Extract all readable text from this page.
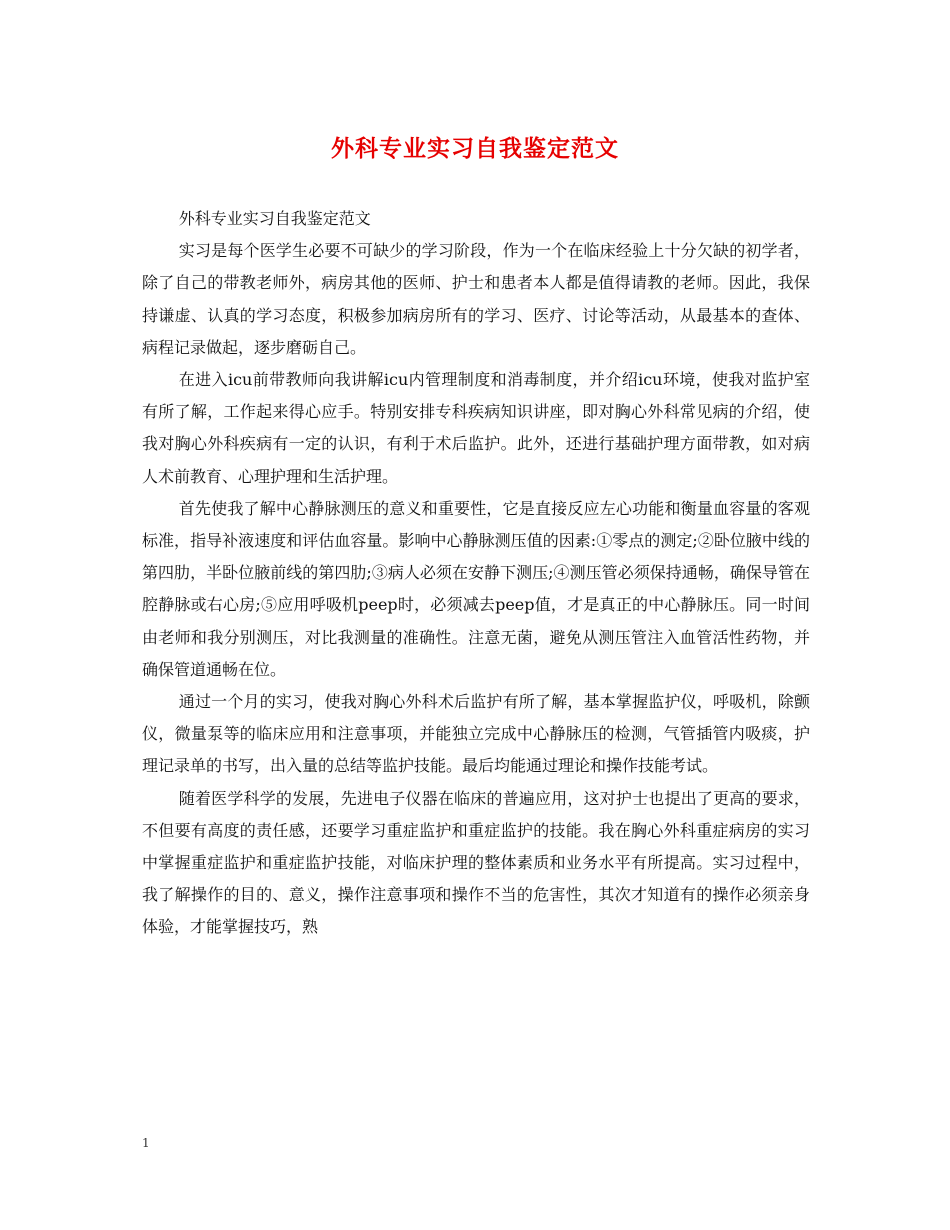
外科专业实习自我鉴定范文

外科专业实习自我鉴定范文

实习是每个医学生必要不可缺少的学习阶段，作为一个在临床经验上十分欠缺的初学者，除了自己的带教老师外，病房其他的医师、护士和患者本人都是值得请教的老师。因此，我保持谦虚、认真的学习态度，积极参加病房所有的学习、医疗、讨论等活动，从最基本的查体、病程记录做起，逐步磨砺自己。

在进入icu前带教师向我讲解icu内管理制度和消毒制度，并介绍icu环境，使我对监护室有所了解，工作起来得心应手。特别安排专科疾病知识讲座，即对胸心外科常见病的介绍，使我对胸心外科疾病有一定的认识，有利于术后监护。此外，还进行基础护理方面带教，如对病人术前教育、心理护理和生活护理。

首先使我了解中心静脉测压的意义和重要性，它是直接反应左心功能和衡量血容量的客观标准，指导补液速度和评估血容量。影响中心静脉测压值的因素:①零点的测定;②卧位腋中线的第四肋，半卧位腋前线的第四肋;③病人必须在安静下测压;④测压管必须保持通畅，确保导管在腔静脉或右心房;⑤应用呼吸机peep时，必须减去peep值，才是真正的中心静脉压。同一时间由老师和我分别测压，对比我测量的准确性。注意无菌，避免从测压管注入血管活性药物，并确保管道通畅在位。

通过一个月的实习，使我对胸心外科术后监护有所了解，基本掌握监护仪，呼吸机，除颤仪，微量泵等的临床应用和注意事项，并能独立完成中心静脉压的检测，气管插管内吸痰，护理记录单的书写，出入量的总结等监护技能。最后均能通过理论和操作技能考试。

随着医学科学的发展，先进电子仪器在临床的普遍应用，这对护士也提出了更高的要求，不但要有高度的责任感，还要学习重症监护和重症监护的技能。我在胸心外科重症病房的实习中掌握重症监护和重症监护技能，对临床护理的整体素质和业务水平有所提高。实习过程中，我了解操作的目的、意义，操作注意事项和操作不当的危害性，其次才知道有的操作必须亲身体验，才能掌握技巧，熟

1
